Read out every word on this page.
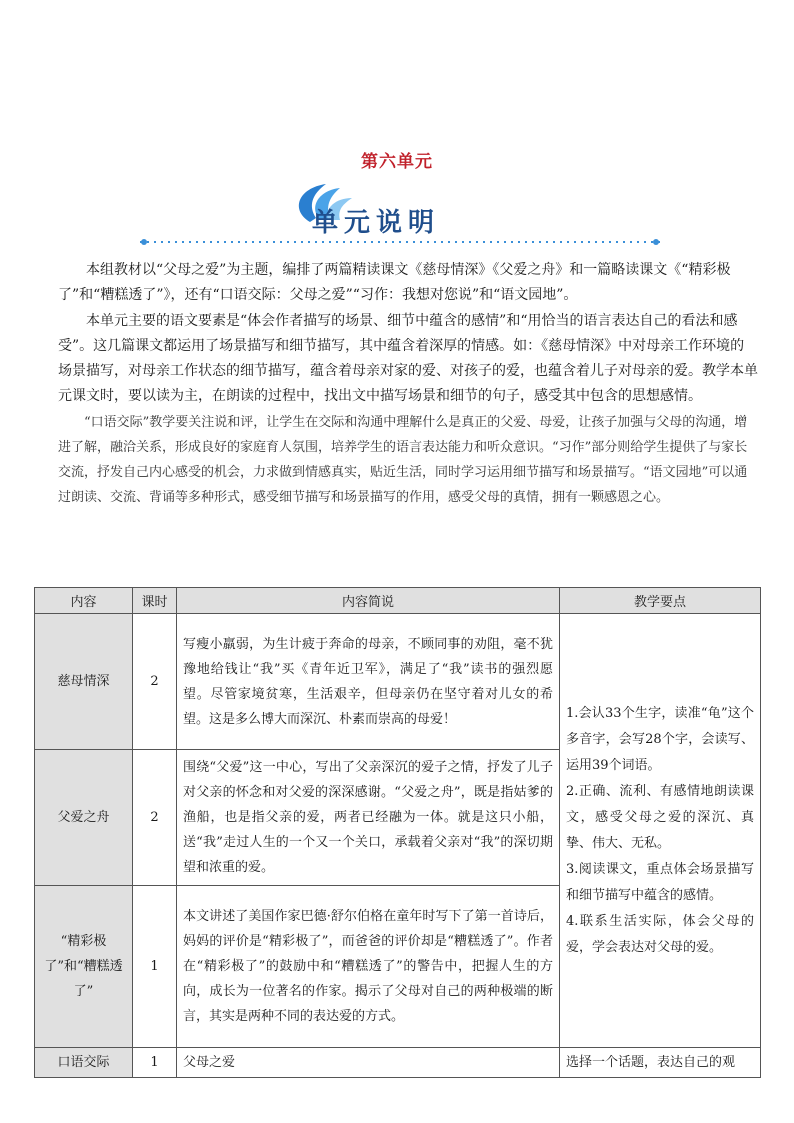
第六单元
单元说明

本组教材以“父母之爱”为主题，编排了两篇精读课文《慈母情深》《父爱之舟》和一篇略读课文《“精彩极了”和“糟糕透了”》，还有“口语交际：父母之爱”“习作：我想对您说”和“语文园地”。

本单元主要的语文要素是“体会作者描写的场景、细节中蕴含的感情”和“用恰当的语言表达自己的看法和感受”。这几篇课文都运用了场景描写和细节描写，其中蕴含着深厚的情感。如：《慈母情深》中对母亲工作环境的场景描写，对母亲工作状态的细节描写，蕴含着母亲对家的爱、对孩子的爱，也蕴含着儿子对母亲的爱。教学本单元课文时，要以读为主，在朗读的过程中，找出文中描写场景和细节的句子，感受其中包含的思想感情。

“口语交际”教学要关注说和评，让学生在交际和沟通中理解什么是真正的父爱、母爱，让孩子加强与父母的沟通，增进了解，融洽关系，形成良好的家庭育人氛围，培养学生的语言表达能力和听众意识。“习作”部分则给学生提供了与家长交流，抒发自己内心感受的机会，力求做到情感真实，贴近生活，同时学习运用细节描写和场景描写。“语文园地”可以通过朗读、交流、背诵等多种形式，感受细节描写和场景描写的作用，感受父母的真情，拥有一颗感恩之心。

内容	课时	内容简说	教学要点
慈母情深	2	写瘦小羸弱，为生计疲于奔命的母亲，不顾同事的劝阻，毫不犹豫地给钱让“我”买《青年近卫军》，满足了“我”读书的强烈愿望。尽管家境贫寒，生活艰辛，但母亲仍在坚守着对儿女的希望。这是多么博大而深沉、朴素而崇高的母爱！	1.会认33个生字，读准“龟”这个多音字，会写28个字，会读写、运用39个词语。
2.正确、流利、有感情地朗读课文，感受父母之爱的深沉、真挚、伟大、无私。
3.阅读课文，重点体会场景描写和细节描写中蕴含的感情。
4.联系生活实际，体会父母的爱，学会表达对父母的爱。

父爱之舟	2	围绕“父爱”这一中心，写出了父亲深沉的爱子之情，抒发了儿子对父亲的怀念和对父爱的深深感谢。“父爱之舟”，既是指姑爹的渔船，也是指父亲的爱，两者已经融为一体。就是这只小船，送“我”走过人生的一个又一个关口，承载着父亲对“我”的深切期望和浓重的爱。	
“精彩极了”和“糟糕透了”	1	本文讲述了美国作家巴德·舒尔伯格在童年时写下了第一首诗后，妈妈的评价是“精彩极了”，而爸爸的评价却是“糟糕透了”。作者在“精彩极了”的鼓励中和“糟糕透了”的警告中，把握人生的方向，成长为一位著名的作家。揭示了父母对自己的两种极端的断言，其实是两种不同的表达爱的方式。	
口语交际	1	父母之爱	选择一个话题，表达自己的观
